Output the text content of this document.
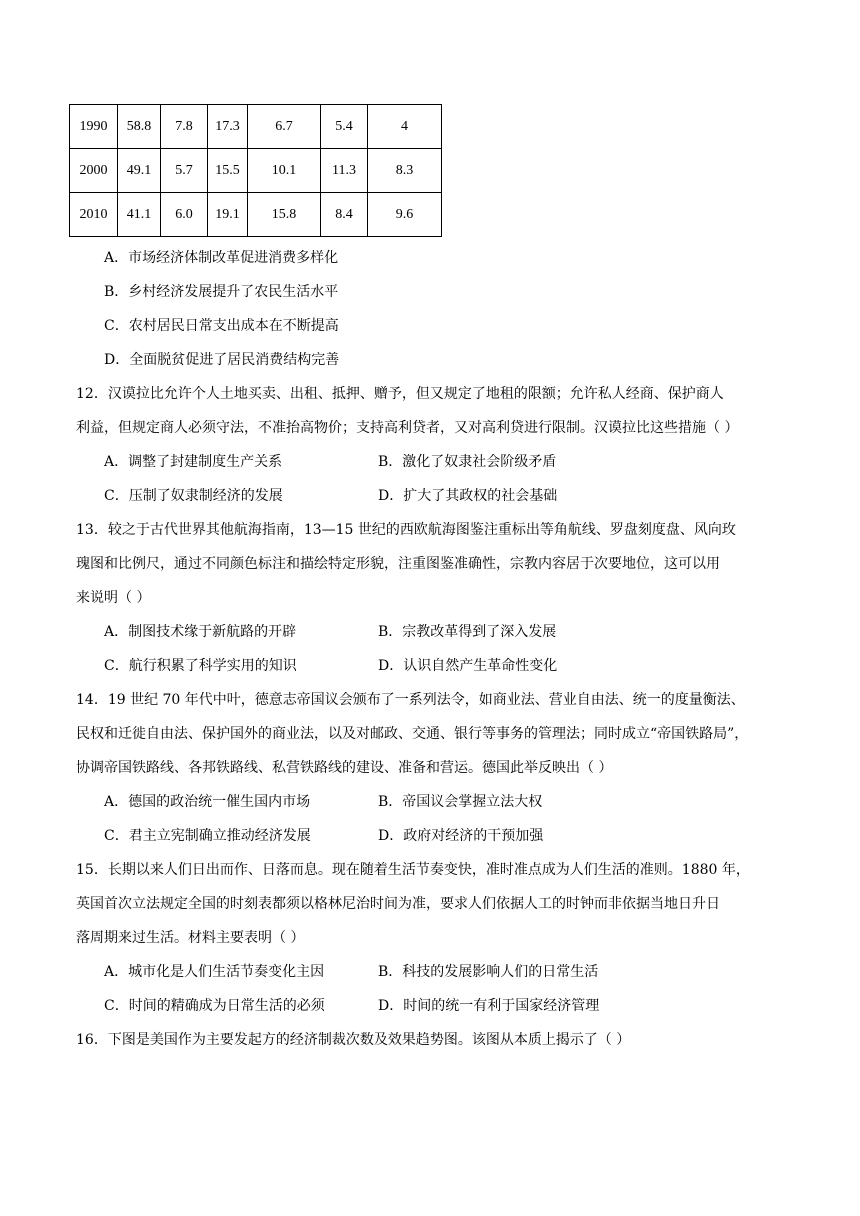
1990	58.8	7.8	17.3	6.7	5.4	4
2000	49.1	5.7	15.5	10.1	11.3	8.3
2010	41.1	6.0	19.1	15.8	8.4	9.6
A．市场经济体制改革促进消费多样化
B．乡村经济发展提升了农民生活水平
C．农村居民日常支出成本在不断提高
D．全面脱贫促进了居民消费结构完善
12．汉谟拉比允许个人土地买卖、出租、抵押、赠予，但又规定了地租的限额；允许私人经商、保护商人
利益，但规定商人必须守法，不准抬高物价；支持高利贷者，又对高利贷进行限制。汉谟拉比这些措施（ ）
A．调整了封建制度生产关系	B．激化了奴隶社会阶级矛盾
C．压制了奴隶制经济的发展	D．扩大了其政权的社会基础
13．较之于古代世界其他航海指南，13—15 世纪的西欧航海图鉴注重标出等角航线、罗盘刻度盘、风向玫
瑰图和比例尺，通过不同颜色标注和描绘特定形貌，注重图鉴准确性，宗教内容居于次要地位，这可以用
来说明（ ）
A．制图技术缘于新航路的开辟	B．宗教改革得到了深入发展
C．航行积累了科学实用的知识	D．认识自然产生革命性变化
14．19 世纪 70 年代中叶，德意志帝国议会颁布了一系列法令，如商业法、营业自由法、统一的度量衡法、
民权和迁徙自由法、保护国外的商业法，以及对邮政、交通、银行等事务的管理法；同时成立“帝国铁路局”，
协调帝国铁路线、各邦铁路线、私营铁路线的建设、准备和营运。德国此举反映出（ ）
A．德国的政治统一催生国内市场	B．帝国议会掌握立法大权
C．君主立宪制确立推动经济发展	D．政府对经济的干预加强
15．长期以来人们日出而作、日落而息。现在随着生活节奏变快，准时准点成为人们生活的准则。1880 年，
英国首次立法规定全国的时刻表都须以格林尼治时间为准，要求人们依据人工的时钟而非依据当地日升日
落周期来过生活。材料主要表明（ ）
A．城市化是人们生活节奏变化主因	B．科技的发展影响人们的日常生活
C．时间的精确成为日常生活的必须	D．时间的统一有利于国家经济管理
16．下图是美国作为主要发起方的经济制裁次数及效果趋势图。该图从本质上揭示了（ ）
